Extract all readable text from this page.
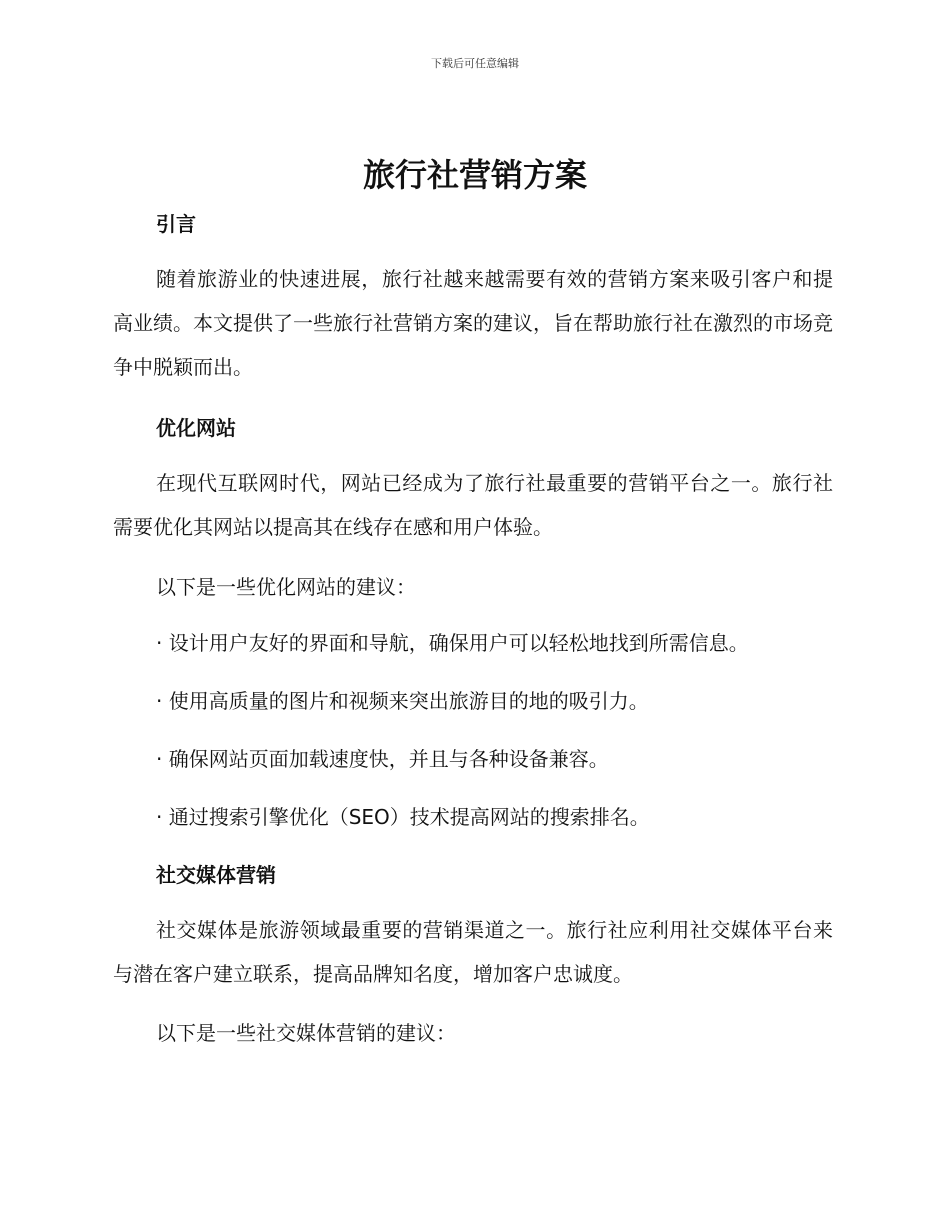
下载后可任意编辑
旅行社营销方案

引言

随着旅游业的快速进展，旅行社越来越需要有效的营销方案来吸引客户和提高业绩。本文提供了一些旅行社营销方案的建议，旨在帮助旅行社在激烈的市场竞争中脱颖而出。

优化网站

在现代互联网时代，网站已经成为了旅行社最重要的营销平台之一。旅行社需要优化其网站以提高其在线存在感和用户体验。

以下是一些优化网站的建议：

· 设计用户友好的界面和导航，确保用户可以轻松地找到所需信息。

· 使用高质量的图片和视频来突出旅游目的地的吸引力。

· 确保网站页面加载速度快，并且与各种设备兼容。

· 通过搜索引擎优化（SEO）技术提高网站的搜索排名。

社交媒体营销

社交媒体是旅游领域最重要的营销渠道之一。旅行社应利用社交媒体平台来与潜在客户建立联系，提高品牌知名度，增加客户忠诚度。

以下是一些社交媒体营销的建议：
